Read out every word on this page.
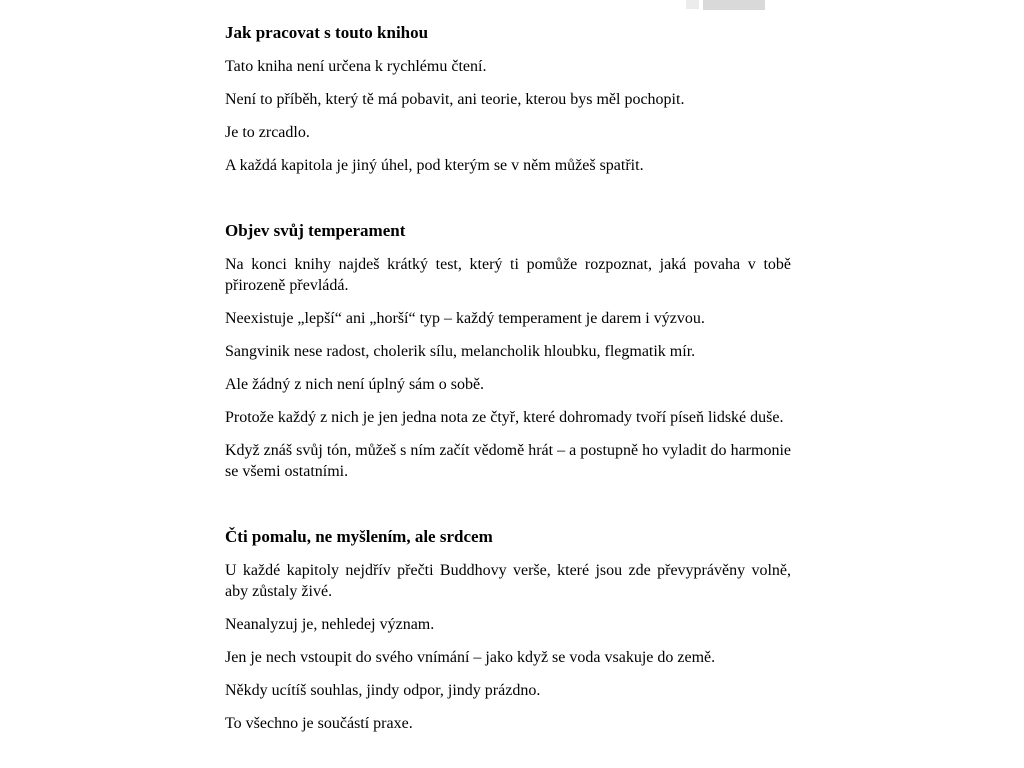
Jak pracovat s touto knihou

Tato kniha není určena k rychlému čtení.

Není to příběh, který tě má pobavit, ani teorie, kterou bys měl pochopit.

Je to zrcadlo.

A každá kapitola je jiný úhel, pod kterým se v něm můžeš spatřit.

Objev svůj temperament

Na konci knihy najdeš krátký test, který ti pomůže rozpoznat, jaká povaha v tobě přirozeně převládá.

Neexistuje „lepší“ ani „horší“ typ – každý temperament je darem i výzvou.

Sangvinik nese radost, cholerik sílu, melancholik hloubku, flegmatik mír.

Ale žádný z nich není úplný sám o sobě.

Protože každý z nich je jen jedna nota ze čtyř, které dohromady tvoří píseň lidské duše.

Když znáš svůj tón, můžeš s ním začít vědomě hrát – a postupně ho vyladit do harmonie se všemi ostatními.

Čti pomalu, ne myšlením, ale srdcem

U každé kapitoly nejdřív přečti Buddhovy verše, které jsou zde převyprávěny volně, aby zůstaly živé.

Neanalyzuj je, nehledej význam.

Jen je nech vstoupit do svého vnímání – jako když se voda vsakuje do země.

Někdy ucítíš souhlas, jindy odpor, jindy prázdno.

To všechno je součástí praxe.
